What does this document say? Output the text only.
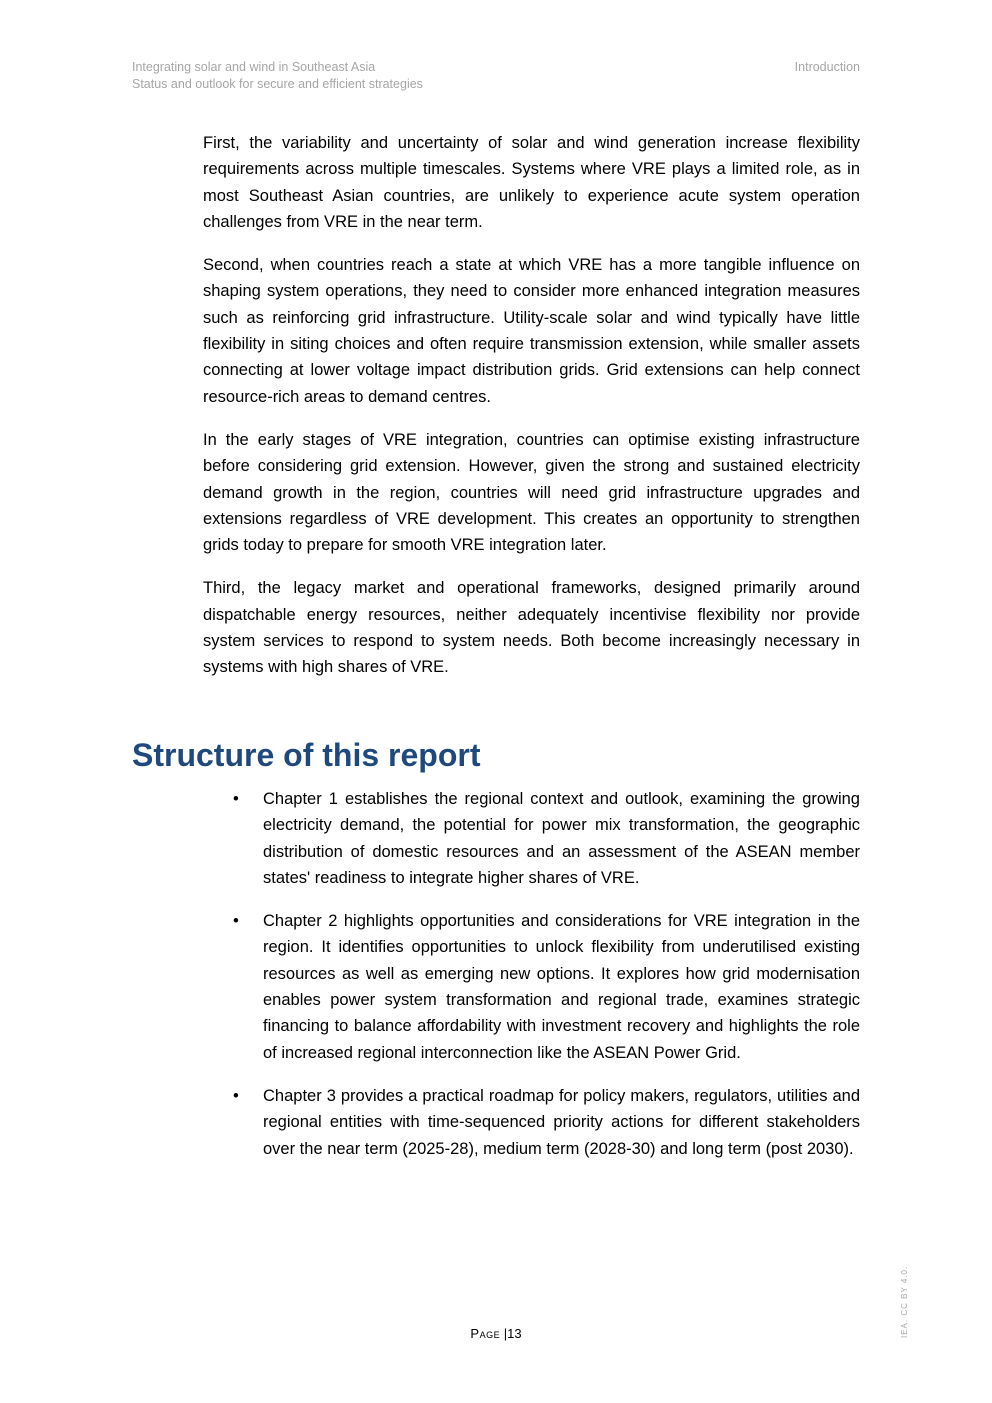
Integrating solar and wind in Southeast Asia
Status and outlook for secure and efficient strategies
Introduction

First, the variability and uncertainty of solar and wind generation increase flexibility requirements across multiple timescales. Systems where VRE plays a limited role, as in most Southeast Asian countries, are unlikely to experience acute system operation challenges from VRE in the near term.

Second, when countries reach a state at which VRE has a more tangible influence on shaping system operations, they need to consider more enhanced integration measures such as reinforcing grid infrastructure. Utility-scale solar and wind typically have little flexibility in siting choices and often require transmission extension, while smaller assets connecting at lower voltage impact distribution grids. Grid extensions can help connect resource-rich areas to demand centres.

In the early stages of VRE integration, countries can optimise existing infrastructure before considering grid extension. However, given the strong and sustained electricity demand growth in the region, countries will need grid infrastructure upgrades and extensions regardless of VRE development. This creates an opportunity to strengthen grids today to prepare for smooth VRE integration later.

Third, the legacy market and operational frameworks, designed primarily around dispatchable energy resources, neither adequately incentivise flexibility nor provide system services to respond to system needs. Both become increasingly necessary in systems with high shares of VRE.

Structure of this report
• Chapter 1 establishes the regional context and outlook, examining the growing electricity demand, the potential for power mix transformation, the geographic distribution of domestic resources and an assessment of the ASEAN member states' readiness to integrate higher shares of VRE.
• Chapter 2 highlights opportunities and considerations for VRE integration in the region. It identifies opportunities to unlock flexibility from underutilised existing resources as well as emerging new options. It explores how grid modernisation enables power system transformation and regional trade, examines strategic financing to balance affordability with investment recovery and highlights the role of increased regional interconnection like the ASEAN Power Grid.
• Chapter 3 provides a practical roadmap for policy makers, regulators, utilities and regional entities with time-sequenced priority actions for different stakeholders over the near term (2025-28), medium term (2028-30) and long term (post 2030).
Page |13	IEA. CC BY 4.0.
